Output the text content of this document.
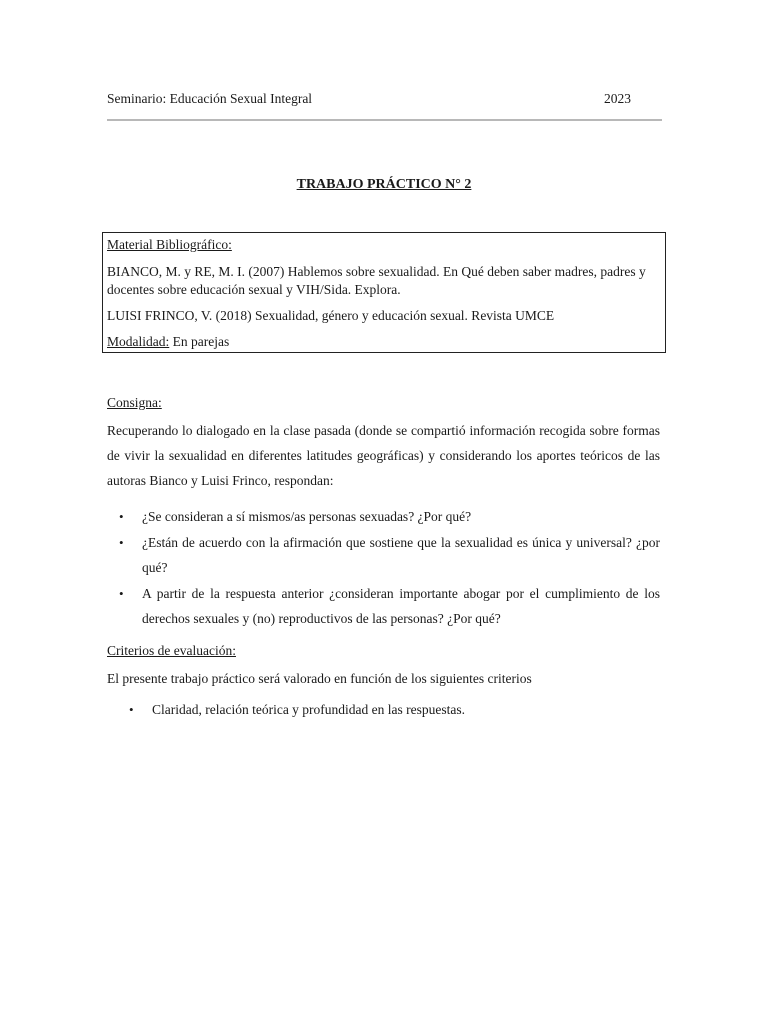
Seminario: Educación Sexual Integral	2023
TRABAJO PRÁCTICO N° 2

Material Bibliográfico:

BIANCO, M. y RE, M. I. (2007) Hablemos sobre sexualidad. En Qué deben saber madres, padres y docentes sobre educación sexual y VIH/Sida. Explora.

LUISI FRINCO, V. (2018) Sexualidad, género y educación sexual. Revista UMCE

Modalidad: En parejas

Consigna:
Recuperando lo dialogado en la clase pasada (donde se compartió información recogida sobre formas de vivir la sexualidad en diferentes latitudes geográficas) y considerando los aportes teóricos de las autoras Bianco y Luisi Frinco, respondan:
• ¿Se consideran a sí mismos/as personas sexuadas? ¿Por qué?
• ¿Están de acuerdo con la afirmación que sostiene que la sexualidad es única y universal? ¿por qué?
• A partir de la respuesta anterior ¿consideran importante abogar por el cumplimiento de los derechos sexuales y (no) reproductivos de las personas? ¿Por qué?
Criterios de evaluación:
El presente trabajo práctico será valorado en función de los siguientes criterios
• Claridad, relación teórica y profundidad en las respuestas.
